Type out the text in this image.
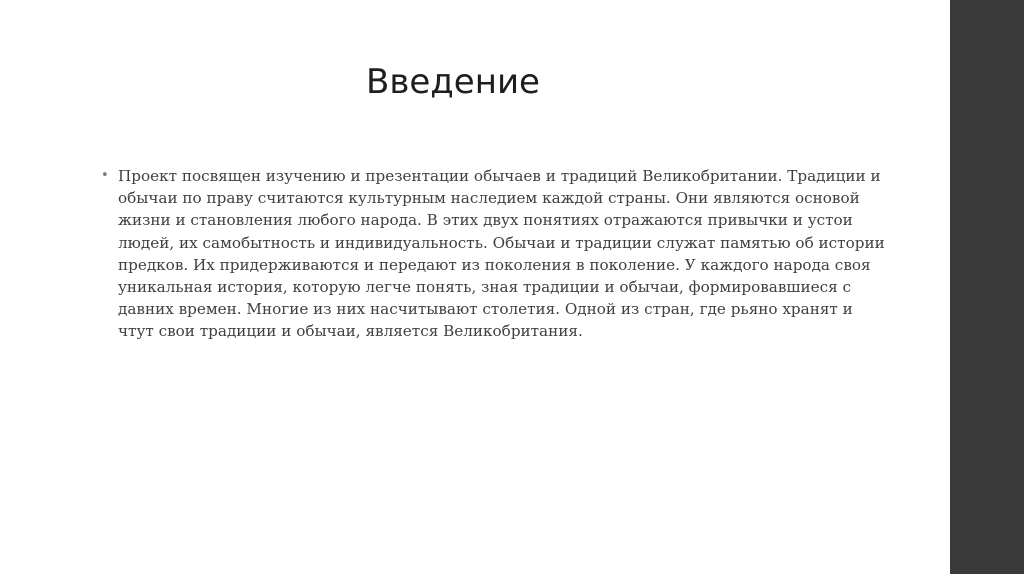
Введение
• Проект посвящен изучению и презентации обычаев и традиций Великобритании. Традиции и обычаи по праву считаются культурным наследием каждой страны. Они являются основой жизни и становления любого народа. В этих двух понятиях отражаются привычки и устои людей, их самобытность и индивидуальность. Обычаи и традиции служат памятью об истории предков. Их придерживаются и передают из поколения в поколение. У каждого народа своя уникальная история, которую легче понять, зная традиции и обычаи, формировавшиеся с давних времен. Многие из них насчитывают столетия. Одной из стран, где рьяно хранят и чтут свои традиции и обычаи, является Великобритания.
